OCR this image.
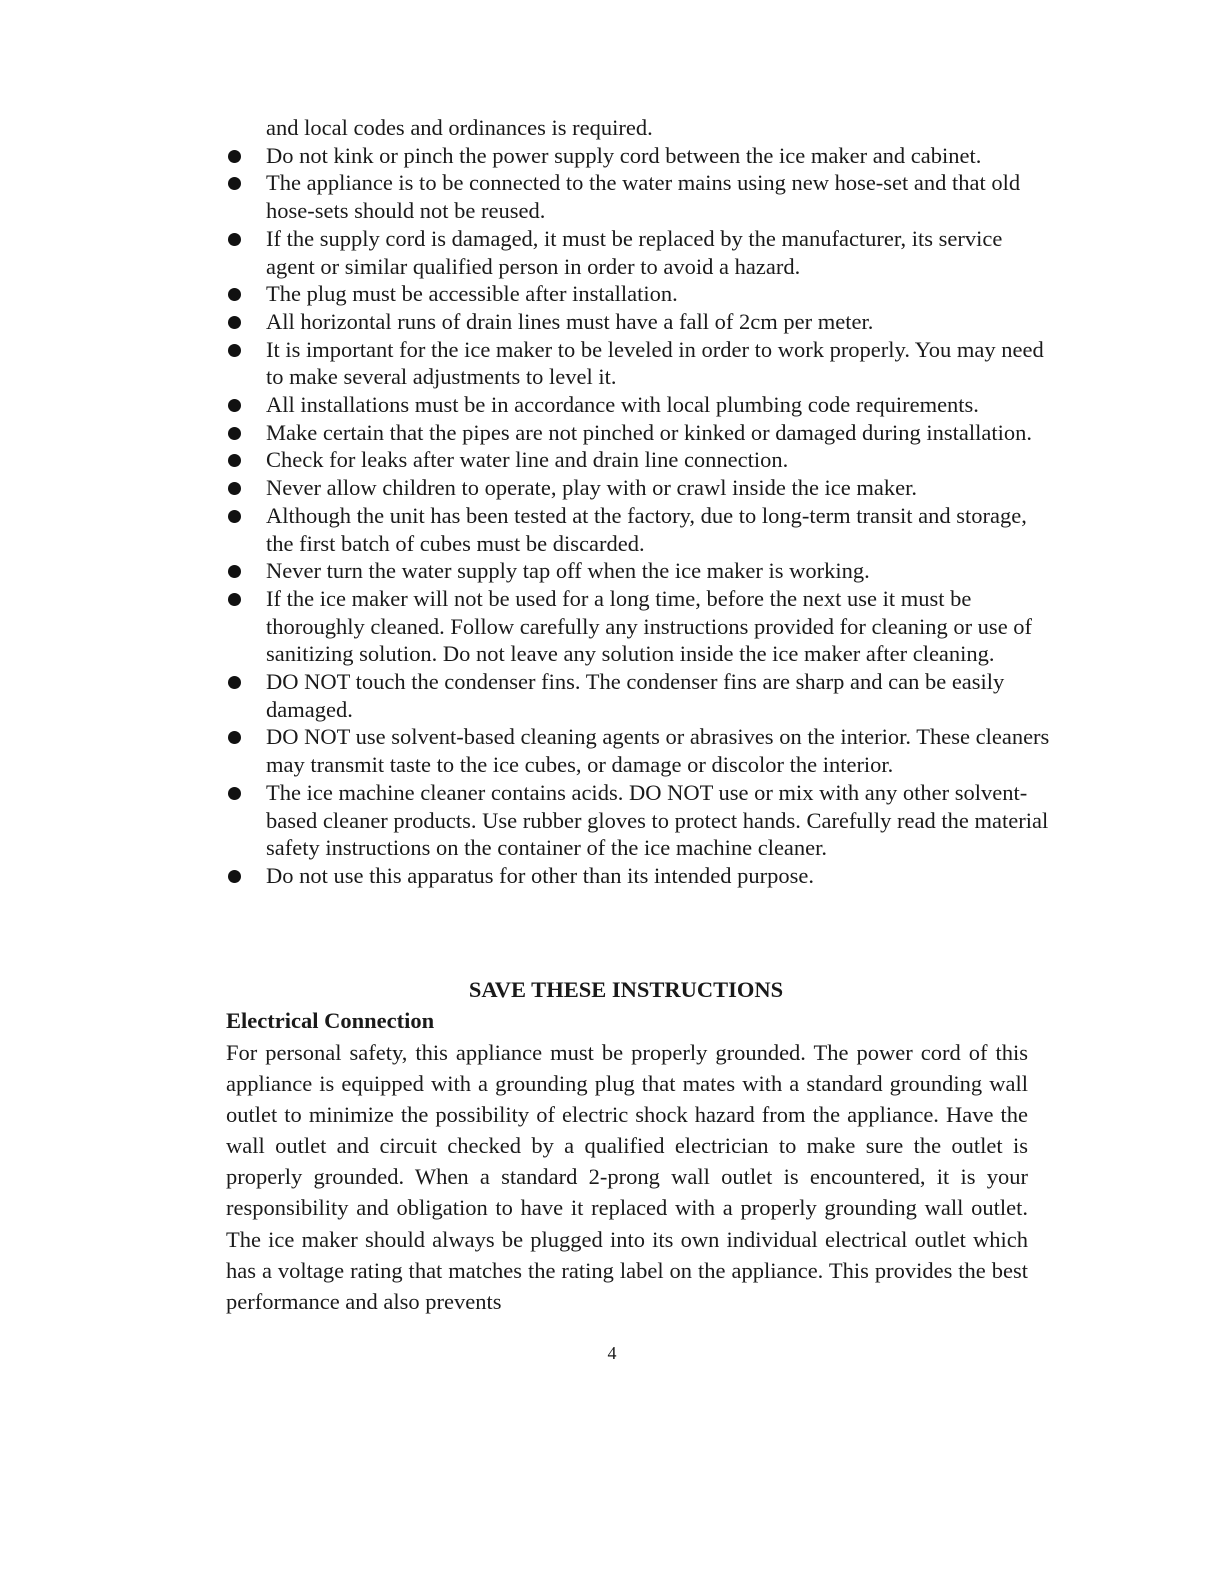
and local codes and ordinances is required.
Do not kink or pinch the power supply cord between the ice maker and cabinet.
The appliance is to be connected to the water mains using new hose-set and that old hose-sets should not be reused.
If the supply cord is damaged, it must be replaced by the manufacturer, its service agent or similar qualified person in order to avoid a hazard.
The plug must be accessible after installation.
All horizontal runs of drain lines must have a fall of 2cm per meter.
It is important for the ice maker to be leveled in order to work properly. You may need to make several adjustments to level it.
All installations must be in accordance with local plumbing code requirements.
Make certain that the pipes are not pinched or kinked or damaged during installation.
Check for leaks after water line and drain line connection.
Never allow children to operate, play with or crawl inside the ice maker.
Although the unit has been tested at the factory, due to long-term transit and storage, the first batch of cubes must be discarded.
Never turn the water supply tap off when the ice maker is working.
If the ice maker will not be used for a long time, before the next use it must be thoroughly cleaned. Follow carefully any instructions provided for cleaning or use of sanitizing solution. Do not leave any solution inside the ice maker after cleaning.
DO NOT touch the condenser fins. The condenser fins are sharp and can be easily damaged.
DO NOT use solvent-based cleaning agents or abrasives on the interior. These cleaners may transmit taste to the ice cubes, or damage or discolor the interior.
The ice machine cleaner contains acids. DO NOT use or mix with any other solvent-based cleaner products. Use rubber gloves to protect hands. Carefully read the material safety instructions on the container of the ice machine cleaner.
Do not use this apparatus for other than its intended purpose.
SAVE THESE INSTRUCTIONS
Electrical Connection
For personal safety, this appliance must be properly grounded. The power cord of this appliance is equipped with a grounding plug that mates with a standard grounding wall outlet to minimize the possibility of electric shock hazard from the appliance. Have the wall outlet and circuit checked by a qualified electrician to make sure the outlet is properly grounded. When a standard 2-prong wall outlet is encountered, it is your responsibility and obligation to have it replaced with a properly grounding wall outlet. The ice maker should always be plugged into its own individual electrical outlet which has a voltage rating that matches the rating label on the appliance. This provides the best performance and also prevents
4
